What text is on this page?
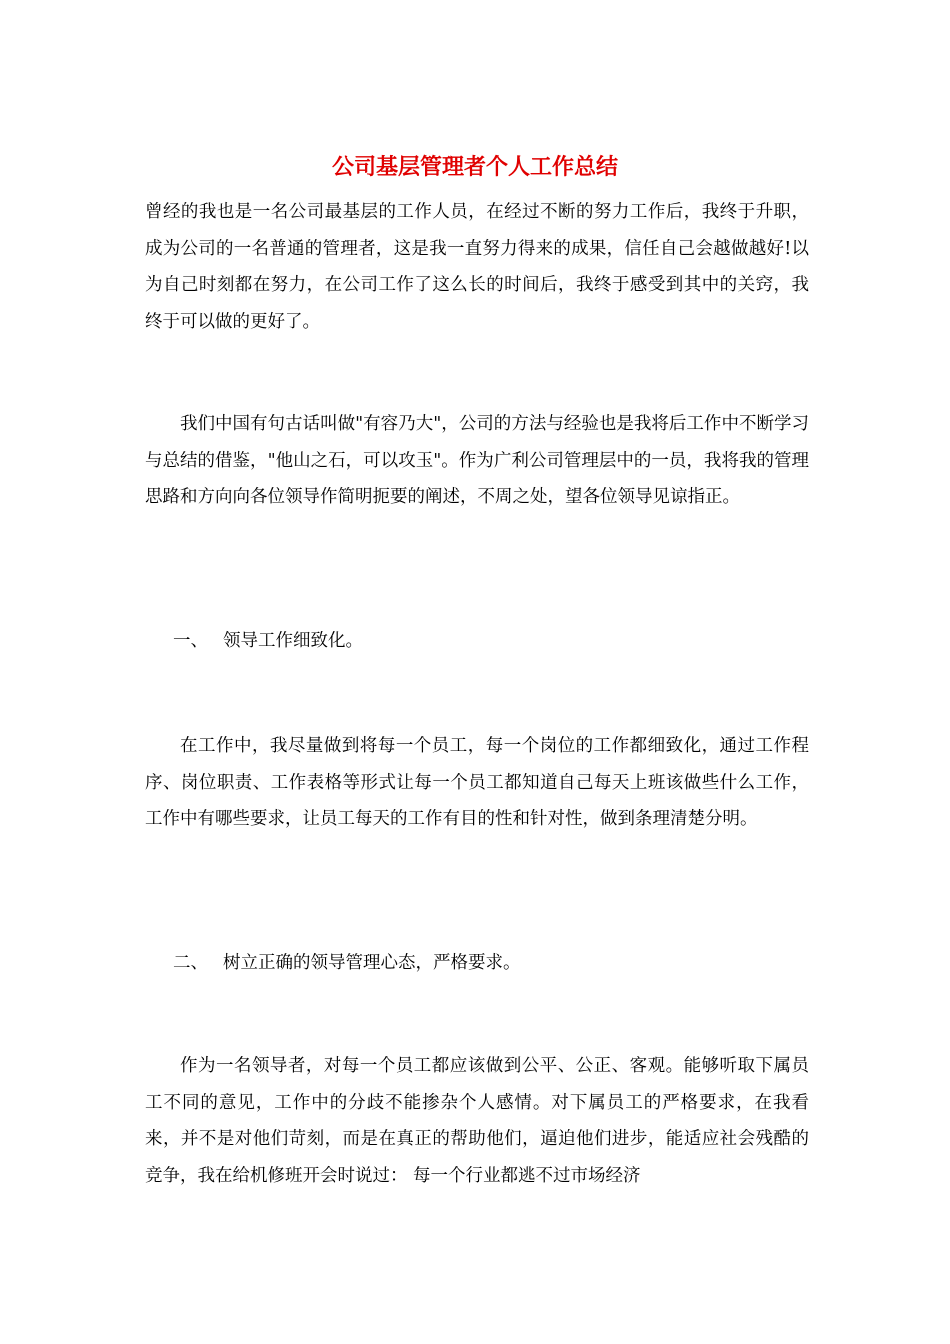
公司基层管理者个人工作总结

曾经的我也是一名公司最基层的工作人员，在经过不断的努力工作后，我终于升职，成为公司的一名普通的管理者，这是我一直努力得来的成果，信任自己会越做越好!以为自己时刻都在努力，在公司工作了这么长的时间后，我终于感受到其中的关窍，我终于可以做的更好了。

我们中国有句古话叫做"有容乃大"，公司的方法与经验也是我将后工作中不断学习与总结的借鉴，"他山之石，可以攻玉"。作为广利公司管理层中的一员，我将我的管理思路和方向向各位领导作简明扼要的阐述，不周之处，望各位领导见谅指正。

一、 领导工作细致化。

在工作中，我尽量做到将每一个员工，每一个岗位的工作都细致化，通过工作程序、岗位职责、工作表格等形式让每一个员工都知道自己每天上班该做些什么工作，工作中有哪些要求，让员工每天的工作有目的性和针对性，做到条理清楚分明。

二、 树立正确的领导管理心态，严格要求。

作为一名领导者，对每一个员工都应该做到公平、公正、客观。能够听取下属员工不同的意见，工作中的分歧不能掺杂个人感情。对下属员工的严格要求，在我看来，并不是对他们苛刻，而是在真正的帮助他们，逼迫他们进步，能适应社会残酷的竞争，我在给机修班开会时说过： 每一个行业都逃不过市场经济
